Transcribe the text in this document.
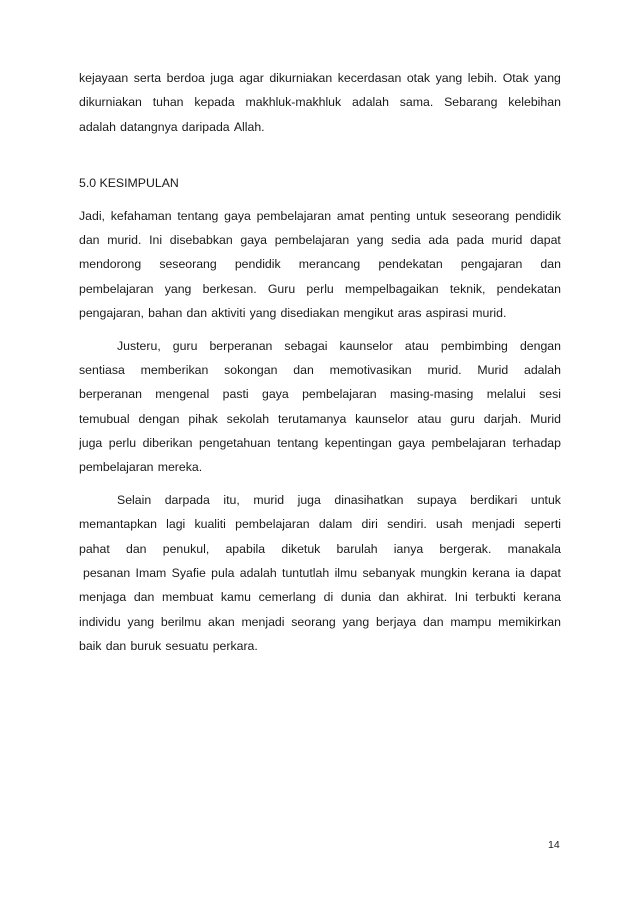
kejayaan serta berdoa juga agar dikurniakan kecerdasan otak yang lebih. Otak yang
dikurniakan tuhan kepada makhluk-makhluk adalah sama. Sebarang kelebihan
adalah datangnya daripada Allah.
5.0 KESIMPULAN
Jadi, kefahaman tentang gaya pembelajaran amat penting untuk seseorang pendidik
dan murid. Ini disebabkan gaya pembelajaran yang sedia ada pada murid dapat
mendorong seseorang pendidik merancang pendekatan pengajaran dan
pembelajaran yang berkesan. Guru perlu mempelbagaikan teknik, pendekatan
pengajaran, bahan dan aktiviti yang disediakan mengikut aras aspirasi murid.
Justeru, guru berperanan sebagai kaunselor atau pembimbing dengan
sentiasa memberikan sokongan dan memotivasikan murid. Murid adalah
berperanan mengenal pasti gaya pembelajaran masing-masing melalui sesi
temubual dengan pihak sekolah terutamanya kaunselor atau guru darjah. Murid
juga perlu diberikan pengetahuan tentang kepentingan gaya pembelajaran terhadap
pembelajaran mereka.
Selain darpada itu, murid juga dinasihatkan supaya berdikari untuk
memantapkan lagi kualiti pembelajaran dalam diri sendiri. usah menjadi seperti
pahat dan penukul, apabila diketuk barulah ianya bergerak. manakala
pesanan Imam Syafie pula adalah tuntutlah ilmu sebanyak mungkin kerana ia dapat
menjaga dan membuat kamu cemerlang di dunia dan akhirat. Ini terbukti kerana
individu yang berilmu akan menjadi seorang yang berjaya dan mampu memikirkan
baik dan buruk sesuatu perkara.
14
